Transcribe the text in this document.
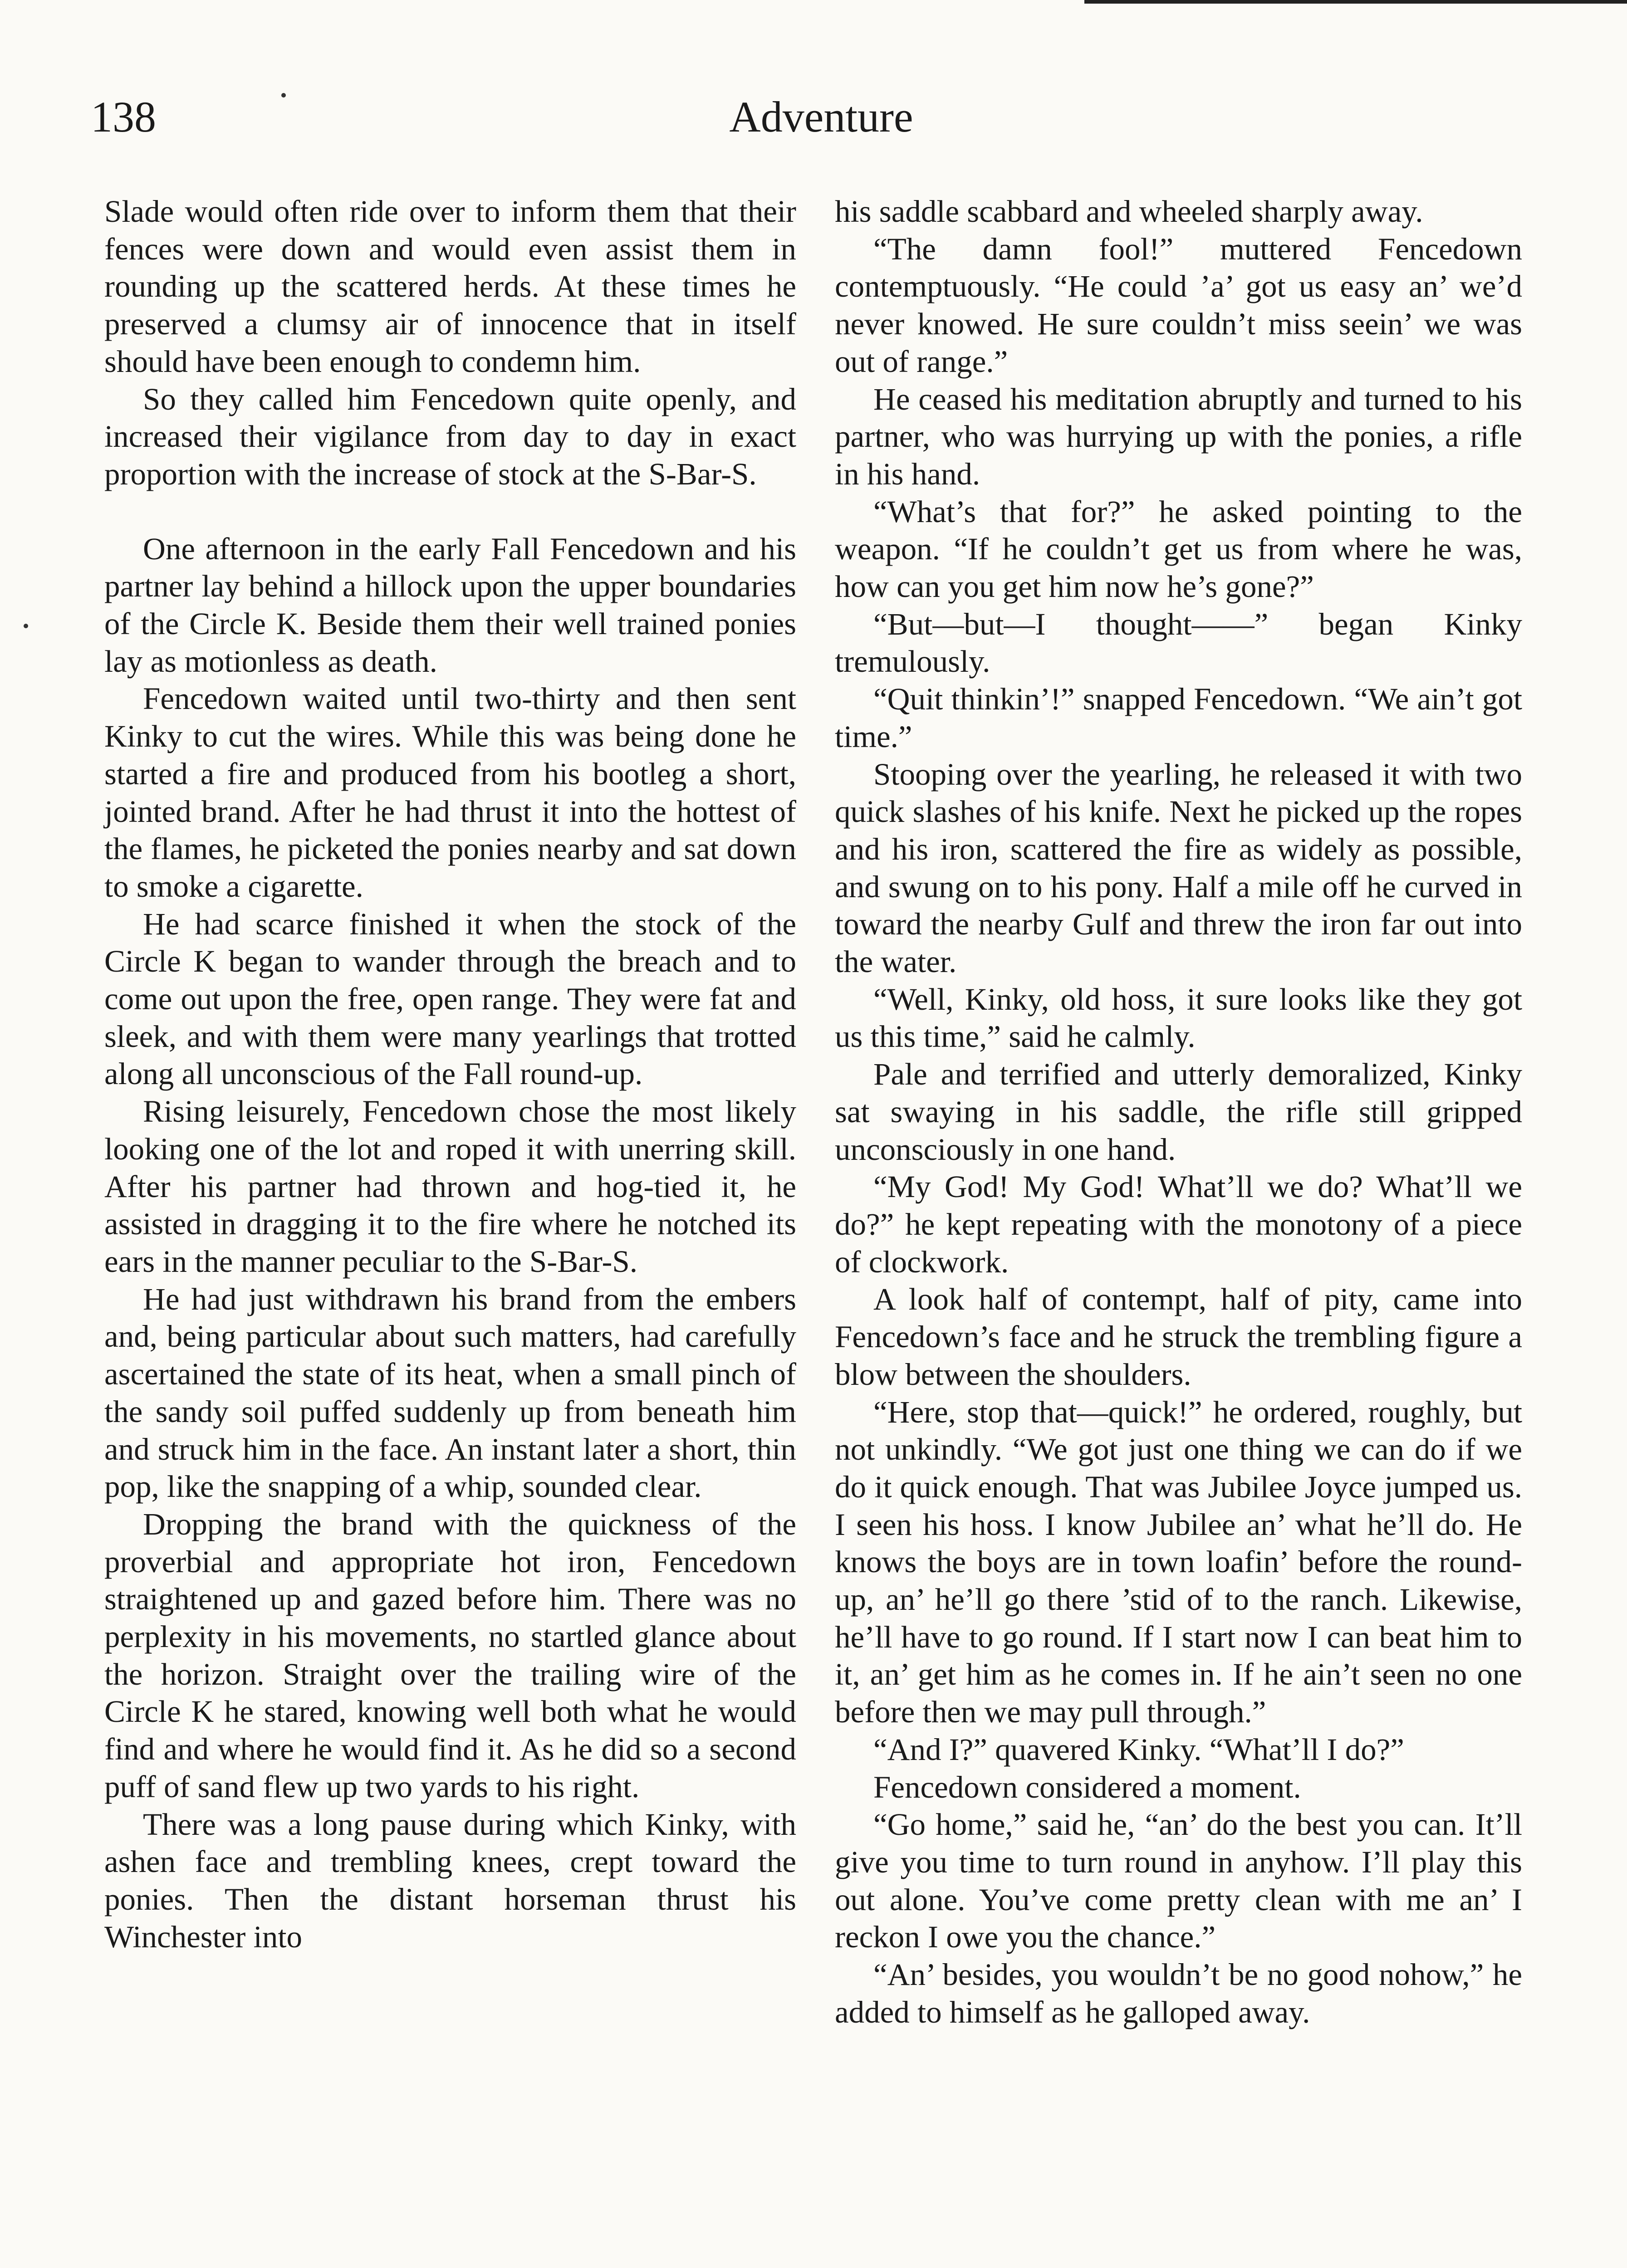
138	Adventure

Slade would often ride over to inform them that their fences were down and would even assist them in rounding up the scattered herds. At these times he preserved a clumsy air of innocence that in itself should have been enough to condemn him.

So they called him Fencedown quite openly, and increased their vigilance from day to day in exact proportion with the increase of stock at the S-Bar-S.

One afternoon in the early Fall Fencedown and his partner lay behind a hillock upon the upper boundaries of the Circle K. Beside them their well trained ponies lay as motionless as death.

Fencedown waited until two-thirty and then sent Kinky to cut the wires. While this was being done he started a fire and produced from his bootleg a short, jointed brand. After he had thrust it into the hottest of the flames, he picketed the ponies nearby and sat down to smoke a cigarette.

He had scarce finished it when the stock of the Circle K began to wander through the breach and to come out upon the free, open range. They were fat and sleek, and with them were many yearlings that trotted along all unconscious of the Fall round-up.

Rising leisurely, Fencedown chose the most likely looking one of the lot and roped it with unerring skill. After his partner had thrown and hog-tied it, he assisted in dragging it to the fire where he notched its ears in the manner peculiar to the S-Bar-S.

He had just withdrawn his brand from the embers and, being particular about such matters, had carefully ascertained the state of its heat, when a small pinch of the sandy soil puffed suddenly up from beneath him and struck him in the face. An instant later a short, thin pop, like the snapping of a whip, sounded clear.

Dropping the brand with the quickness of the proverbial and appropriate hot iron, Fencedown straightened up and gazed before him. There was no perplexity in his movements, no startled glance about the horizon. Straight over the trailing wire of the Circle K he stared, knowing well both what he would find and where he would find it. As he did so a second puff of sand flew up two yards to his right.

There was a long pause during which Kinky, with ashen face and trembling knees, crept toward the ponies. Then the distant horseman thrust his Winchester into

his saddle scabbard and wheeled sharply away.

“The damn fool!” muttered Fencedown contemptuously. “He could ’a’ got us easy an’ we’d never knowed. He sure couldn’t miss seein’ we was out of range.”

He ceased his meditation abruptly and turned to his partner, who was hurrying up with the ponies, a rifle in his hand.

“What’s that for?” he asked pointing to the weapon. “If he couldn’t get us from where he was, how can you get him now he’s gone?”

“But—but—I thought——” began Kinky tremulously.

“Quit thinkin’!” snapped Fencedown. “We ain’t got time.”

Stooping over the yearling, he released it with two quick slashes of his knife. Next he picked up the ropes and his iron, scattered the fire as widely as possible, and swung on to his pony. Half a mile off he curved in toward the nearby Gulf and threw the iron far out into the water.

“Well, Kinky, old hoss, it sure looks like they got us this time,” said he calmly.

Pale and terrified and utterly demoralized, Kinky sat swaying in his saddle, the rifle still gripped unconsciously in one hand.

“My God! My God! What’ll we do? What’ll we do?” he kept repeating with the monotony of a piece of clockwork.

A look half of contempt, half of pity, came into Fencedown’s face and he struck the trembling figure a blow between the shoulders.

“Here, stop that—quick!” he ordered, roughly, but not unkindly. “We got just one thing we can do if we do it quick enough. That was Jubilee Joyce jumped us. I seen his hoss. I know Jubilee an’ what he’ll do. He knows the boys are in town loafin’ before the round-up, an’ he’ll go there ’stid of to the ranch. Likewise, he’ll have to go round. If I start now I can beat him to it, an’ get him as he comes in. If he ain’t seen no one before then we may pull through.”

“And I?” quavered Kinky. “What’ll I do?”

Fencedown considered a moment.

“Go home,” said he, “an’ do the best you can. It’ll give you time to turn round in anyhow. I’ll play this out alone. You’ve come pretty clean with me an’ I reckon I owe you the chance.”

“An’ besides, you wouldn’t be no good nohow,” he added to himself as he galloped away.
